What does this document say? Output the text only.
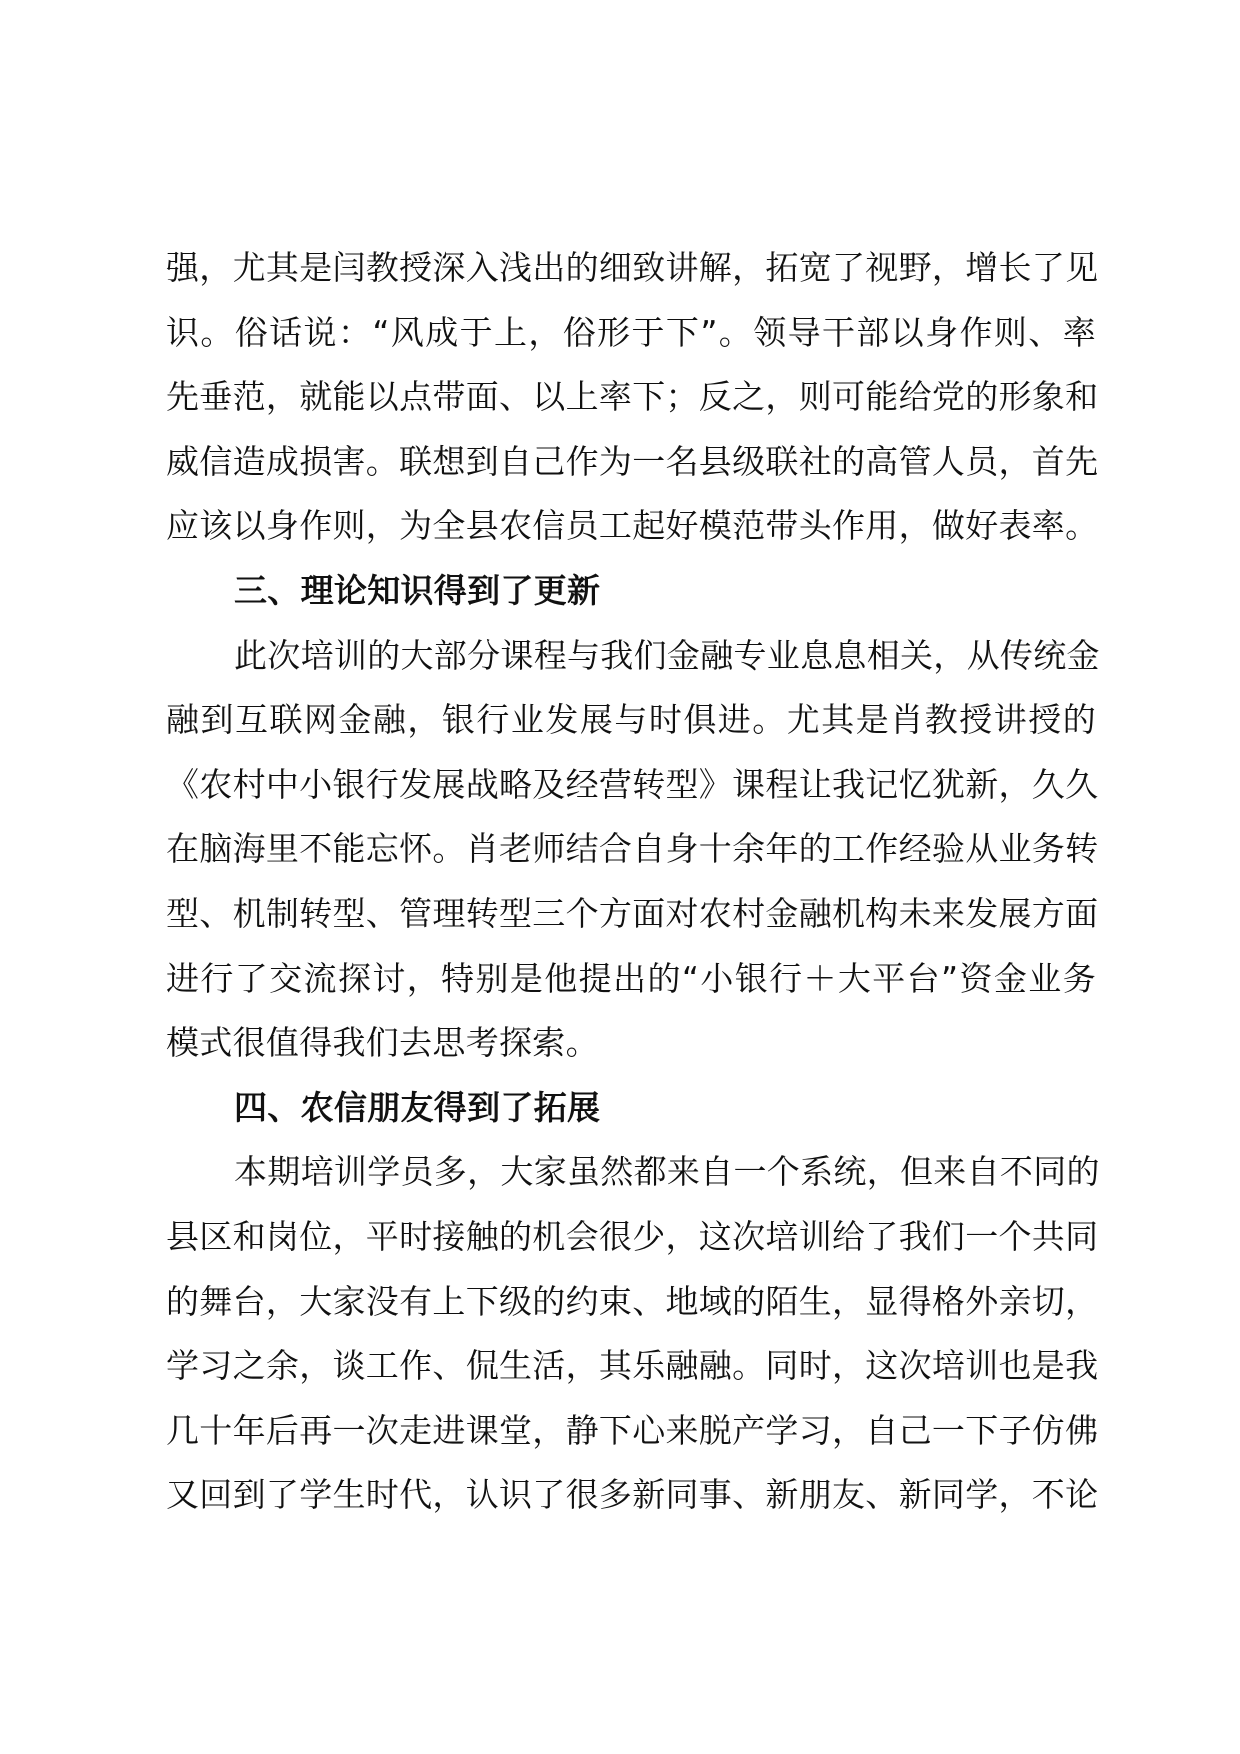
强，尤其是闫教授深入浅出的细致讲解，拓宽了视野，增长了见
识。俗话说：“风成于上，俗形于下”。领导干部以身作则、率
先垂范，就能以点带面、以上率下；反之，则可能给党的形象和
威信造成损害。联想到自己作为一名县级联社的高管人员，首先
应该以身作则，为全县农信员工起好模范带头作用，做好表率。
三、理论知识得到了更新
此次培训的大部分课程与我们金融专业息息相关，从传统金
融到互联网金融，银行业发展与时俱进。尤其是肖教授讲授的
《农村中小银行发展战略及经营转型》课程让我记忆犹新，久久
在脑海里不能忘怀。肖老师结合自身十余年的工作经验从业务转
型、机制转型、管理转型三个方面对农村金融机构未来发展方面
进行了交流探讨，特别是他提出的“小银行＋大平台”资金业务
模式很值得我们去思考探索。
四、农信朋友得到了拓展
本期培训学员多，大家虽然都来自一个系统，但来自不同的
县区和岗位，平时接触的机会很少，这次培训给了我们一个共同
的舞台，大家没有上下级的约束、地域的陌生，显得格外亲切，
学习之余，谈工作、侃生活，其乐融融。同时，这次培训也是我
几十年后再一次走进课堂，静下心来脱产学习，自己一下子仿佛
又回到了学生时代，认识了很多新同事、新朋友、新同学，不论
